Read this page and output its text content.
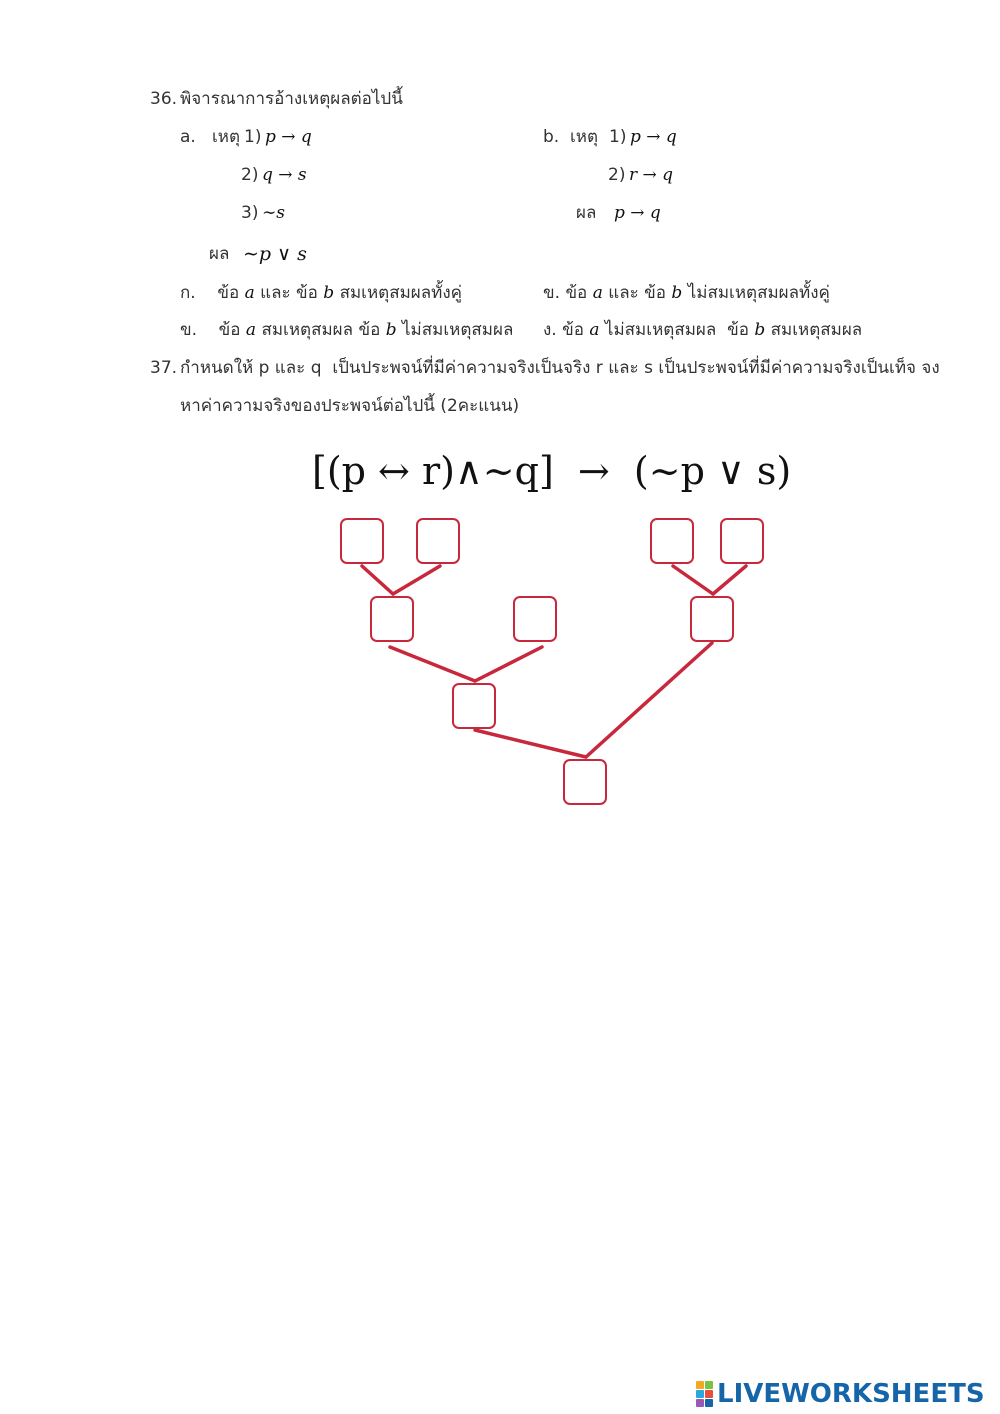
36. พิจารณาการอ้างเหตุผลต่อไปนี้
a. เหตุ 1) p → q
2) q → s
3) ∼s
ผล ∼p ∨ s
b. เหตุ 1) p → q
2) r → q
ผล p → q
ก. ข้อ a และ ข้อ b สมเหตุสมผลทั้งคู่	ข. ข้อ a และ ข้อ b ไม่สมเหตุสมผลทั้งคู่
ข. ข้อ a สมเหตุสมผล ข้อ b ไม่สมเหตุสมผล ง. ข้อ a ไม่สมเหตุสมผล  ข้อ b สมเหตุสมผล
37. กำหนดให้ p และ q  เป็นประพจน์ที่มีค่าความจริงเป็นจริง r และ s เป็นประพจน์ที่มีค่าความจริงเป็นเท็จ จง
หาค่าความจริงของประพจน์ต่อไปนี้ (2คะแนน)
[(p ↔ r)∧∼q]  →  (∼p ∨ s)
LIVEWORKSHEETS
